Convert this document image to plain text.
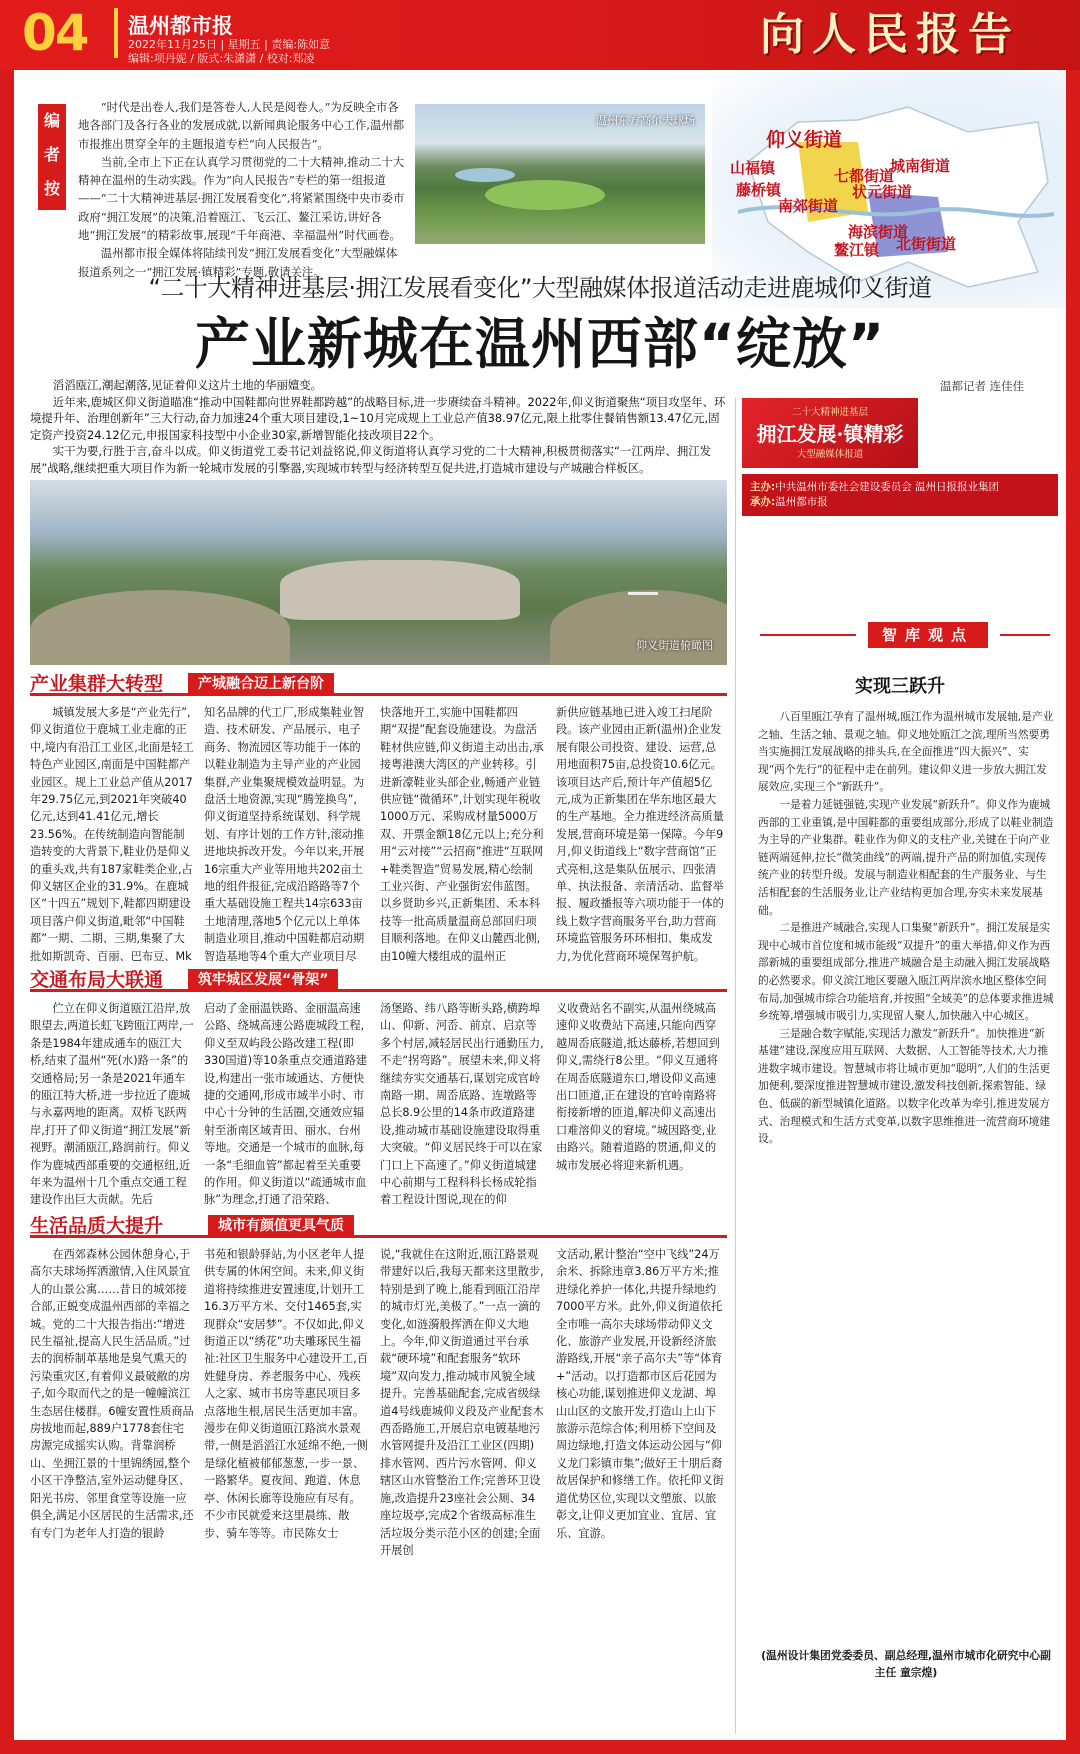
04 温州都市报
2022年11月25日 | 星期五 | 责编:陈如意
编辑:项丹妮 / 版式:朱潇潇 / 校对:郑凌	向人民报告
编
者
按

“时代是出卷人,我们是答卷人,人民是阅卷人。”为反映全市各地各部门及各行各业的发展成就,以新闻典论服务中心工作,温州都市报推出贯穿全年的主题报道专栏“向人民报告”。

当前,全市上下正在认真学习贯彻党的二十大精神,推动二十大精神在温州的生动实践。作为“向人民报告”专栏的第一组报道——“二十大精神进基层·拥江发展看变化”,将紧紧围绕中央市委市政府“拥江发展”的决策,沿着瓯江、飞云江、鳌江采访,讲好各地“拥江发展”的精彩故事,展现“千年商港、幸福温州”时代画卷。

温州都市报全媒体将陆续刊发“拥江发展看变化”大型融媒体报道系列之一“拥江发展·镇精彩”专题,敬请关注。

温州东方高尔夫球场
仰义街道
山福镇
藤桥镇
七都街道
城南街道
状元街道
南郊街道
海滨街道
鳌江镇 北街街道
“二十大精神进基层·拥江发展看变化”大型融媒体报道活动走进鹿城仰义街道
产业新城在温州西部“绽放”

滔滔瓯江,潮起潮落,见证着仰义这片土地的华丽嬗变。

近年来,鹿城区仰义街道瞄准“推动中国鞋都向世界鞋都跨越”的战略目标,进一步赓续奋斗精神。2022年,仰义街道聚焦“项目攻坚年、环境提升年、治理创新年”三大行动,奋力加速24个重大项目建设,1~10月完成规上工业总产值38.97亿元,限上批零住餐销售额13.47亿元,固定资产投资24.12亿元,申报国家科技型中小企业30家,新增智能化技改项目22个。

实干为要,行胜于言,奋斗以成。仰义街道党工委书记刘益铭说,仰义街道将认真学习党的二十大精神,积极贯彻落实“一江两岸、拥江发展”战略,继续把重大项目作为新一轮城市发展的引擎器,实现城市转型与经济转型互促共进,打造城市建设与产城融合样板区。

温都记者 连佳佳
仰义街道俯瞰图
产业集群大转型	产城融合迈上新台阶

城镇发展大多是“产业先行”,仰义街道位于鹿城工业走廊的正中,境内有沿江工业区,北面是轻工特色产业园区,南面是中国鞋都产业园区。规上工业总产值从2017年29.75亿元,到2021年突破40亿元,达到41.41亿元,增长23.56%。在传统制造向智能制造转变的大背景下,鞋业仍是仰义的重头戏,共有187家鞋类企业,占仰义辖区企业的31.9%。在鹿城区“十四五”规划下,鞋都四期建设项目落户仰义街道,毗邻“中国鞋都”一期、二期、三期,集聚了大批如斯凯奇、百丽、巴布豆、Mk

知名品牌的代工厂,形成集鞋业智造、技术研发、产品展示、电子商务、物流园区等功能于一体的以鞋业制造为主导产业的产业园集群,产业集聚规模效益明显。为盘活土地资源,实现“腾笼换鸟”,仰义街道坚持系统谋划、科学规划、有序计划的工作方针,滚动推进地块拆改开发。今年以来,开展16宗重大产业等用地共202亩土地的组件报征,完成沿路路等7个重大基础设施工程共14宗633亩土地清理,落地5个亿元以上单体制造业项目,推动中国鞋都启动期智造基地等4个重大产业项目尽

快落地开工,实施中国鞋都四期“双提”配套设施建设。为盘活鞋材供应链,仰义街道主动出击,承接粤港澳大湾区的产业转移。引进新濠鞋业头部企业,畅通产业链供应链“微循环”,计划实现年税收1000万元、采购成材量5000万双、开票金额18亿元以上;充分利用“云对接”“云招商”推进“互联网+鞋类智造”贸易发展,精心绘制工业兴街、产业强街宏伟蓝图。以乡贤助乡兴,正新集团、禾本科技等一批高质量温商总部回归项目顺利落地。在仰义山麓西北侧,由10幢大楼组成的温州正

新供应链基地已进入竣工扫尾阶段。该产业园由正新(温州)企业发展有限公司投资、建设、运营,总用地面积75亩,总投资10.6亿元。该项目达产后,预计年产值超5亿元,成为正新集团在华东地区最大的生产基地。全力推进经济高质量发展,营商环境是第一保障。今年9月,仰义街道线上“数字营商馆”正式亮相,这是集队伍展示、四张清单、执法报备、亲清活动、监督举报、履政播报等六项功能于一体的线上数字营商服务平台,助力营商环境监管服务环环相扣、集成发力,为优化营商环境保驾护航。

交通布局大联通	筑牢城区发展“骨架”

伫立在仰义街道瓯江沿岸,放眼望去,两道长虹飞跨瓯江两岸,一条是1984年建成通车的瓯江大桥,结束了温州“死(水)路一条”的交通格局;另一条是2021年通车的瓯江特大桥,进一步拉近了鹿城与永嘉两地的距离。双桥飞跃两岸,打开了仰义街道“拥江发展”新视野。潮涌瓯江,路润前行。仰义作为鹿城西部重要的交通枢纽,近年来为温州十几个重点交通工程建设作出巨大贡献。先后

启动了金丽温铁路、金丽温高速公路、绕城高速公路鹿城段工程,仰义至双屿段公路改建工程(即330国道)等10条重点交通道路建设,构建出一张市域通达、方便快捷的交通网,形成市域半小时、市中心十分钟的生活圈,交通效应辐射至浙南区域青田、丽水、台州等地。交通是一个城市的血脉,每一条“毛细血管”都起着至关重要的作用。仰义街道以“疏通城市血脉”为理念,打通了沿荣路、

汤堡路、纬八路等断头路,横跨埠山、仰新、河岙、前京、启京等多个村居,减轻居民出行通勤压力,不走“拐弯路”。展望未来,仰义将继续夯实交通基石,谋划完成官岭南路一期、周岙底路、连墩路等总长8.9公里的14条市政道路建设,推动城市基础设施建设取得重大突破。“仰义居民终于可以在家门口上下高速了。”仰义街道城建中心前期与工程科科长杨成轮指着工程设计图说,现在的仰

义收费站名不副实,从温州绕城高速仰义收费站下高速,只能向西穿越周岙底隧道,抵达藤桥,若想回到仰义,需绕行8公里。“仰义互通将在周岙底隧道东口,增设仰义高速出口匝道,正在建设的官岭南路将衔接新增的匝道,解决仰义高速出口难溶仰义的窘境。”城因路变,业由路兴。随着道路的贯通,仰义的城市发展必将迎来新机遇。

生活品质大提升	城市有颜值更具气质

在西郊森林公园休憩身心,于高尔夫球场挥洒激情,入住风景宜人的山景公寓……昔日的城郊接合部,正蜕变成温州西部的幸福之城。党的二十大报告指出:“增进民生福祉,提高人民生活品质。”过去的润桥制革基地是臭气熏天的污染重灾区,有着仰义最破敝的房子,如今取而代之的是一幢幢滨江生态居住楼群。6幢安置性质商品房拔地而起,889户1778套住宅房源完成摇实认购。背靠润桥山、坐拥江景的十里锦绣园,整个小区干净整洁,室外运动健身区、阳光书房、邻里食堂等设施一应俱全,满足小区居民的生活需求,还有专门为老年人打造的银龄

书苑和银龄驿站,为小区老年人提供专属的休闲空间。未来,仰义街道将持续推进安置速度,计划开工16.3万平方米、交付1465套,实现群众“安居梦”。不仅如此,仰义街道正以“绣花”功夫雕琢民生福祉:社区卫生服务中心建设开工,百姓健身房、养老服务中心、残疾人之家、城市书房等惠民项目多点落地生根,居民生活更加丰富。漫步在仰义街道瓯江路滨水景观带,一侧是滔滔江水延绵不绝,一侧是绿化植被郁郁葱葱,一步一景、一路繁华。夏夜间、跑道、休息亭、休闲长廊等设施应有尽有。不少市民就爱来这里晨练、散步、骑车等等。市民陈女士

说,“我就住在这附近,瓯江路景观带建好以后,我每天都来这里散步,特别是到了晚上,能看到瓯江沿岸的城市灯光,美极了。”一点一滴的变化,如涟漪般挥洒在仰义大地上。今年,仰义街道通过平台承载“硬环境”和配套服务“软环境”双向发力,推动城市风貌全域提升。完善基础配套,完成省级绿道4号线鹿城仰义段及产业配套木西岙路施工,开展启京电镀基地污水管网提升及沿江工业区(四期)排水管网、西片污水管网、仰义辖区山水管整治工作;完善环卫设施,改造提升23座社会公厕、34座垃圾亭,完成2个省级高标准生活垃圾分类示范小区的创建;全面开展创

文活动,累计整治“空中飞线”24万余米、拆除违章3.86万平方米;推进绿化养护一体化,共提升绿地约7000平方米。此外,仰义街道依托全市唯一高尔夫球场带动仰义文化、旅游产业发展,开设新经济旅游路线,开展“亲子高尔夫”等“体育+”活动。以打造都市区后花园为核心功能,谋划推进仰义龙湖、埠山山区的文旅开发,打造山上山下旅游示范综合体;利用桥下空间及周边绿地,打造文体运动公园与“仰义龙门彩镇市集”;做好王十朋后裔故居保护和修缮工作。依托仰义街道优势区位,实现以文塑旅、以旅彰文,让仰义更加宜业、宜居、宜乐、宜游。

二十大精神进基层
拥江发展·镇精彩
大型融媒体报道
主办:中共温州市委社会建设委员会 温州日报报业集团
承办:温州都市报
智库观点
实现三跃升

八百里瓯江孕育了温州城,瓯江作为温州城市发展轴,是产业之轴、生活之轴、景观之轴。仰义地处瓯江之滨,理所当然要勇当实施拥江发展战略的排头兵,在全面推进“四大振兴”、实现“两个先行”的征程中走在前列。建议仰义进一步放大拥江发展效应,实现三个“新跃升”。

一是着力延链强链,实现产业发展“新跃升”。仰义作为鹿城西部的工业重镇,是中国鞋都的重要组成部分,形成了以鞋业制造为主导的产业集群。鞋业作为仰义的支柱产业,关键在于向产业链两端延伸,拉长“微笑曲线”的两端,提升产品的附加值,实现传统产业的转型升级。发展与制造业相配套的生产服务业、与生活相配套的生活服务业,让产业结构更加合理,夯实未来发展基础。

二是推进产城融合,实现人口集聚“新跃升”。拥江发展是实现中心城市首位度和城市能级“双提升”的重大举措,仰义作为西部新城的重要组成部分,推进产城融合是主动融入拥江发展战略的必然要求。仰义滨江地区要融入瓯江两岸滨水地区整体空间布局,加强城市综合功能培育,并按照“全域美”的总体要求推进城乡统筹,增强城市吸引力,实现留人聚人,加快融入中心城区。

三是融合数字赋能,实现活力激发“新跃升”。加快推进“新基建”建设,深度应用互联网、大数据、人工智能等技术,大力推进数字城市建设。智慧城市将让城市更加“聪明”,人们的生活更加便利,要深度推进智慧城市建设,激发科技创新,探索智能、绿色、低碳的新型城镇化道路。以数字化改革为牵引,推进发展方式、治理模式和生活方式变革,以数字思维推进一流营商环境建设。

(温州设计集团党委委员、副总经理,温州市城市化研究中心副主任 童宗煌)
